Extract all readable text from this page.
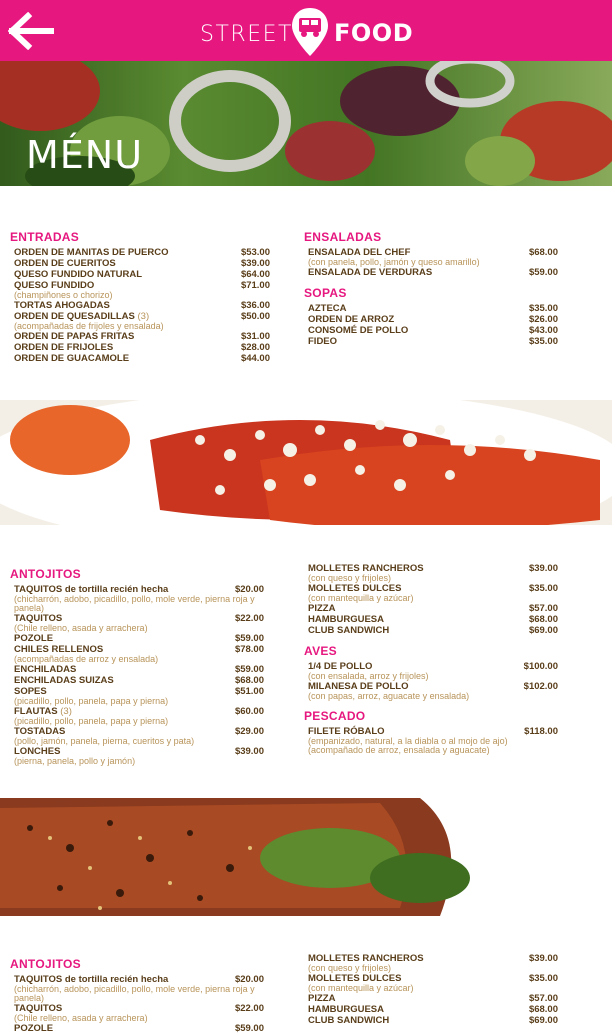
STREET FOOD
MÉNU
ENTRADAS
ORDEN DE MANITAS DE PUERCO	$53.00
ORDEN DE CUERITOS	$39.00
QUESO FUNDIDO NATURAL	$64.00
QUESO FUNDIDO	$71.00
(champiñones o chorizo)
TORTAS AHOGADAS	$36.00
ORDEN DE QUESADILLAS (3)	$50.00
(acompañadas de frijoles y ensalada)
ORDEN DE PAPAS FRITAS	$31.00
ORDEN DE FRIJOLES	$28.00
ORDEN DE GUACAMOLE	$44.00
ENSALADAS
ENSALADA DEL CHEF	$68.00
(con panela, pollo, jamón y queso amarillo)
ENSALADA DE VERDURAS	$59.00
SOPAS
AZTECA	$35.00
ORDEN DE ARROZ	$26.00
CONSOMÉ DE POLLO	$43.00
FIDEO	$35.00
ANTOJITOS
TAQUITOS de tortilla recién hecha	$20.00
(chicharrón, adobo, picadillo, pollo, mole verde, pierna roja y panela)
TAQUITOS	$22.00
(Chile relleno, asada y arrachera)
POZOLE	$59.00
CHILES RELLENOS	$78.00
(acompañadas de arroz y ensalada)
ENCHILADAS	$59.00
ENCHILADAS SUIZAS	$68.00
SOPES	$51.00
(picadillo, pollo, panela, papa y pierna)
FLAUTAS (3)	$60.00
(picadillo, pollo, panela, papa y pierna)
TOSTADAS	$29.00
(pollo, jamón, panela, pierna, cueritos y pata)
LONCHES	$39.00
(pierna, panela, pollo y jamón)
MOLLETES RANCHEROS	$39.00
(con queso y frijoles)
MOLLETES DULCES	$35.00
(con mantequilla y azúcar)
PIZZA	$57.00
HAMBURGUESA	$68.00
CLUB SANDWICH	$69.00
AVES
1/4 DE POLLO	$100.00
(con ensalada, arroz y frijoles)
MILANESA DE POLLO	$102.00
(con papas, arroz, aguacate y ensalada)
PESCADO
FILETE RÓBALO	$118.00
(empanizado, natural, a la diabla o al mojo de ajo) (acompañado de arroz, ensalada y aguacate)
ANTOJITOS
TAQUITOS de tortilla recién hecha	$20.00
(chicharrón, adobo, picadillo, pollo, mole verde, pierna roja y panela)
TAQUITOS	$22.00
(Chile relleno, asada y arrachera)
POZOLE	$59.00
MOLLETES RANCHEROS	$39.00
(con queso y frijoles)
MOLLETES DULCES	$35.00
(con mantequilla y azúcar)
PIZZA	$57.00
HAMBURGUESA	$68.00
CLUB SANDWICH	$69.00
